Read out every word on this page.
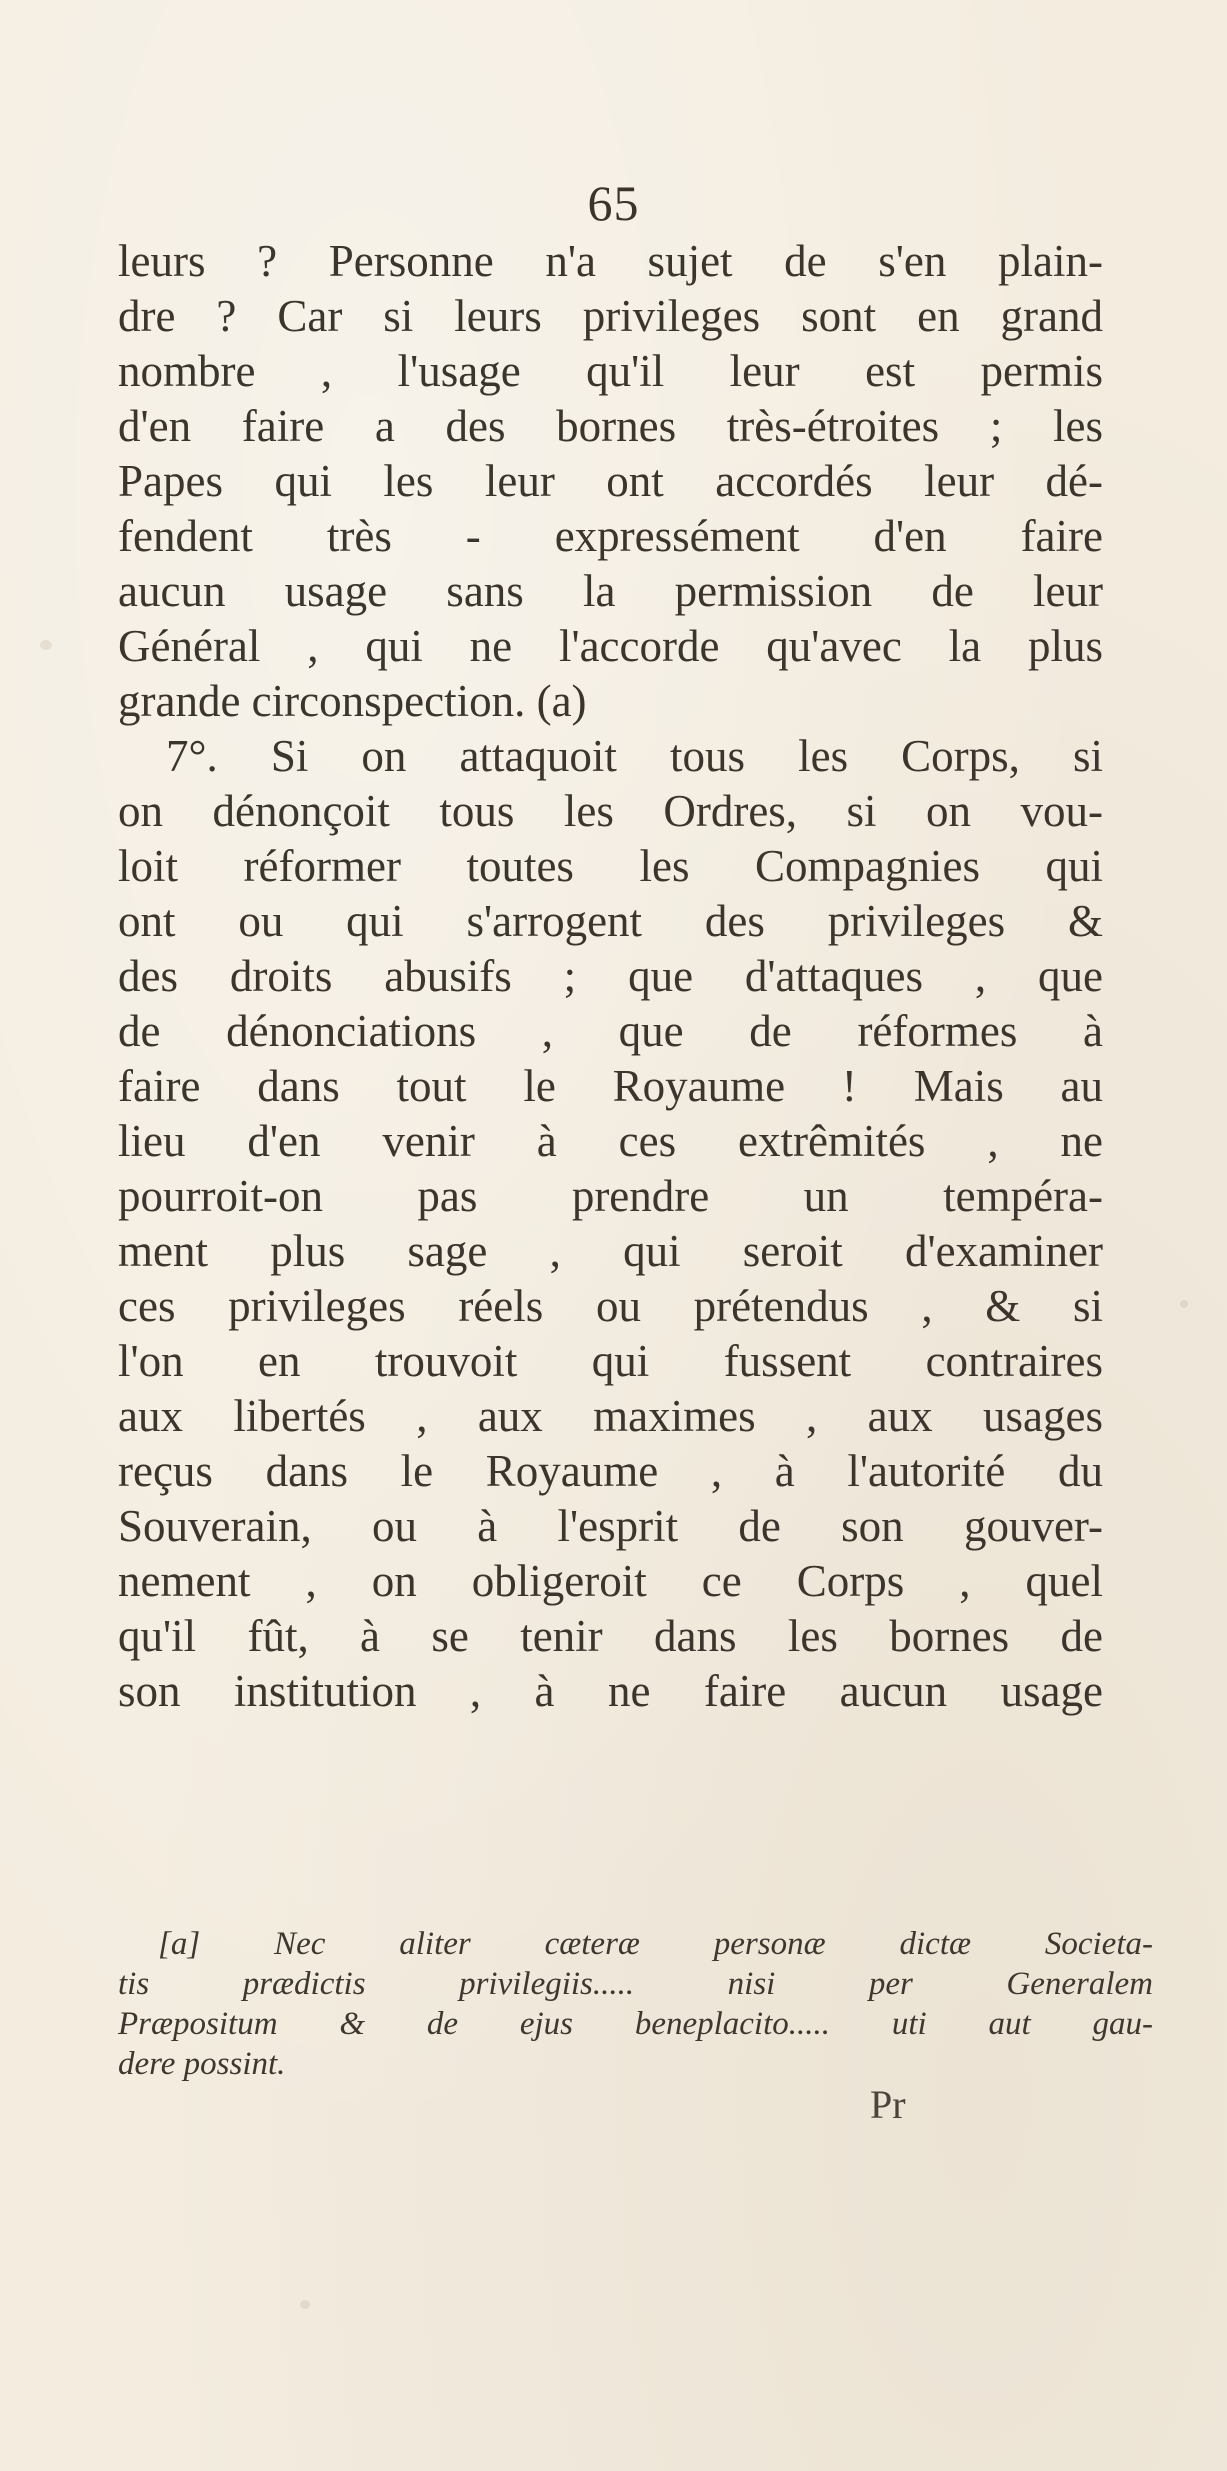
65
leurs ? Personne n'a sujet de s'en plain-
dre ? Car si leurs privileges sont en grand
nombre , l'usage qu'il leur est permis
d'en faire a des bornes très-étroites ; les
Papes qui les leur ont accordés leur dé-
fendent très - expressément d'en faire
aucun usage sans la permission de leur
Général , qui ne l'accorde qu'avec la plus
grande circonspection. (a)
7°. Si on attaquoit tous les Corps, si
on dénonçoit tous les Ordres, si on vou-
loit réformer toutes les Compagnies qui
ont ou qui s'arrogent des privileges &
des droits abusifs ; que d'attaques , que
de dénonciations , que de réformes à
faire dans tout le Royaume ! Mais au
lieu d'en venir à ces extrêmités , ne
pourroit-on pas prendre un tempéra-
ment plus sage , qui seroit d'examiner
ces privileges réels ou prétendus , & si
l'on en trouvoit qui fussent contraires
aux libertés , aux maximes , aux usages
reçus dans le Royaume , à l'autorité du
Souverain, ou à l'esprit de son gouver-
nement , on obligeroit ce Corps , quel
qu'il fût, à se tenir dans les bornes de
son institution , à ne faire aucun usage
[a] Nec aliter cæteræ personæ dictæ Societa-
tis prædictis privilegiis..... nisi per Generalem
Præpositum & de ejus beneplacito..... uti aut gau-
dere possint.
Pr
